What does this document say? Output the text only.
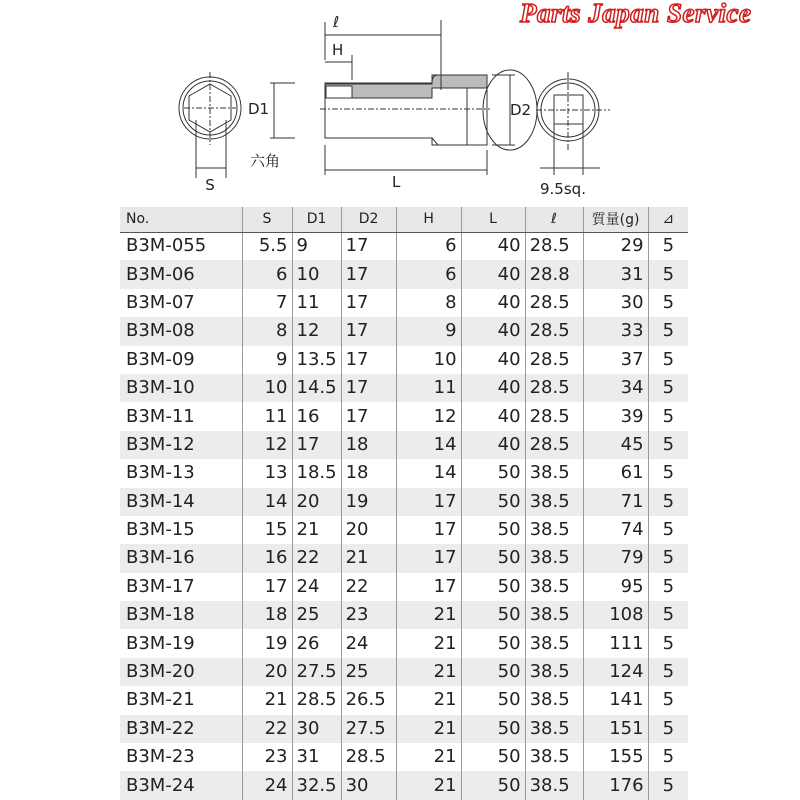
Parts Japan Service
ℓ
H
D1
S
六角
L
D2
9.5sq.
No.	S	D1	D2	H	L	ℓ	質量(g)	⊿
B3M-055	5.5	9	17	6	40	28.5	29	5
B3M-06	6	10	17	6	40	28.8	31	5
B3M-07	7	11	17	8	40	28.5	30	5
B3M-08	8	12	17	9	40	28.5	33	5
B3M-09	9	13.5	17	10	40	28.5	37	5
B3M-10	10	14.5	17	11	40	28.5	34	5
B3M-11	11	16	17	12	40	28.5	39	5
B3M-12	12	17	18	14	40	28.5	45	5
B3M-13	13	18.5	18	14	50	38.5	61	5
B3M-14	14	20	19	17	50	38.5	71	5
B3M-15	15	21	20	17	50	38.5	74	5
B3M-16	16	22	21	17	50	38.5	79	5
B3M-17	17	24	22	17	50	38.5	95	5
B3M-18	18	25	23	21	50	38.5	108	5
B3M-19	19	26	24	21	50	38.5	111	5
B3M-20	20	27.5	25	21	50	38.5	124	5
B3M-21	21	28.5	26.5	21	50	38.5	141	5
B3M-22	22	30	27.5	21	50	38.5	151	5
B3M-23	23	31	28.5	21	50	38.5	155	5
B3M-24	24	32.5	30	21	50	38.5	176	5
